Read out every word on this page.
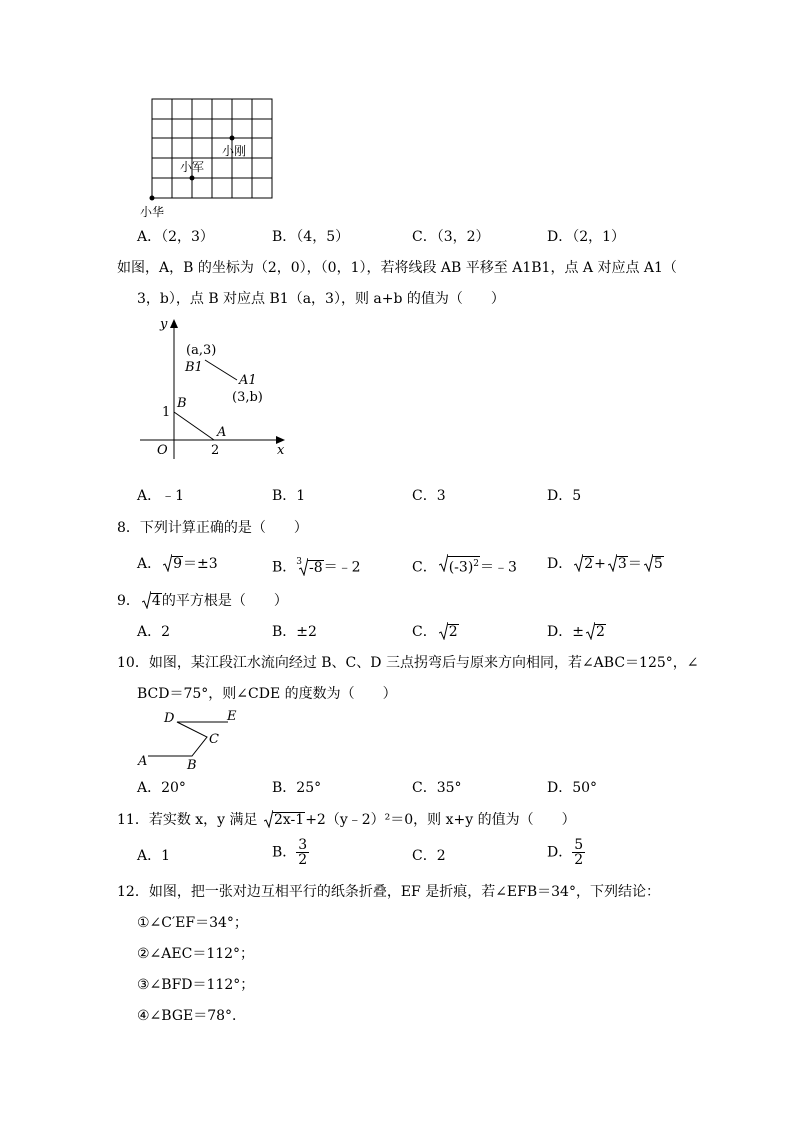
小华
小军
小刚
A．（2，3）	B．（4，5）	C．（3，2）	D．（2，1）
如图，A，B 的坐标为（2，0），（0，1），若将线段 AB 平移至 A1B1，点 A 对应点 A1（
3，b），点 B 对应点 B1（a，3），则 a+b 的值为（　　）
y
x
O
1
2
B
A
(a,3)
B1
A1
(3,b)
A．﹣1	B．1	C．3	D．5
8．下列计算正确的是（　　）
A． 9＝±3	B．$^3$ -8＝﹣2	C． $(-3)^2=﹣3$ D． 2+ 3＝ 5
9． 4的平方根是（　　）
A．2	B．±2	C． 2	D．± 2
10．如图，某江段江水流向经过 B、C、D 三点拐弯后与原来方向相同，若∠ABC＝125°，∠
BCD＝75°，则∠CDE 的度数为（　　）
D	E
C
A	B
A．20°	B．25°	C．35°	D．50°
11．若实数 x，y 满足 2x-1+2（y﹣2）²＝0，则 x+y 的值为（　　）
A．1	B． $\frac{3}{2}$	C．2	D． $\frac{5}{2}$
12．如图，把一张对边互相平行的纸条折叠，EF 是折痕，若∠EFB＝34°，下列结论：
①∠C′EF＝34°；
②∠AEC＝112°；
③∠BFD＝112°；
④∠BGE＝78°．
